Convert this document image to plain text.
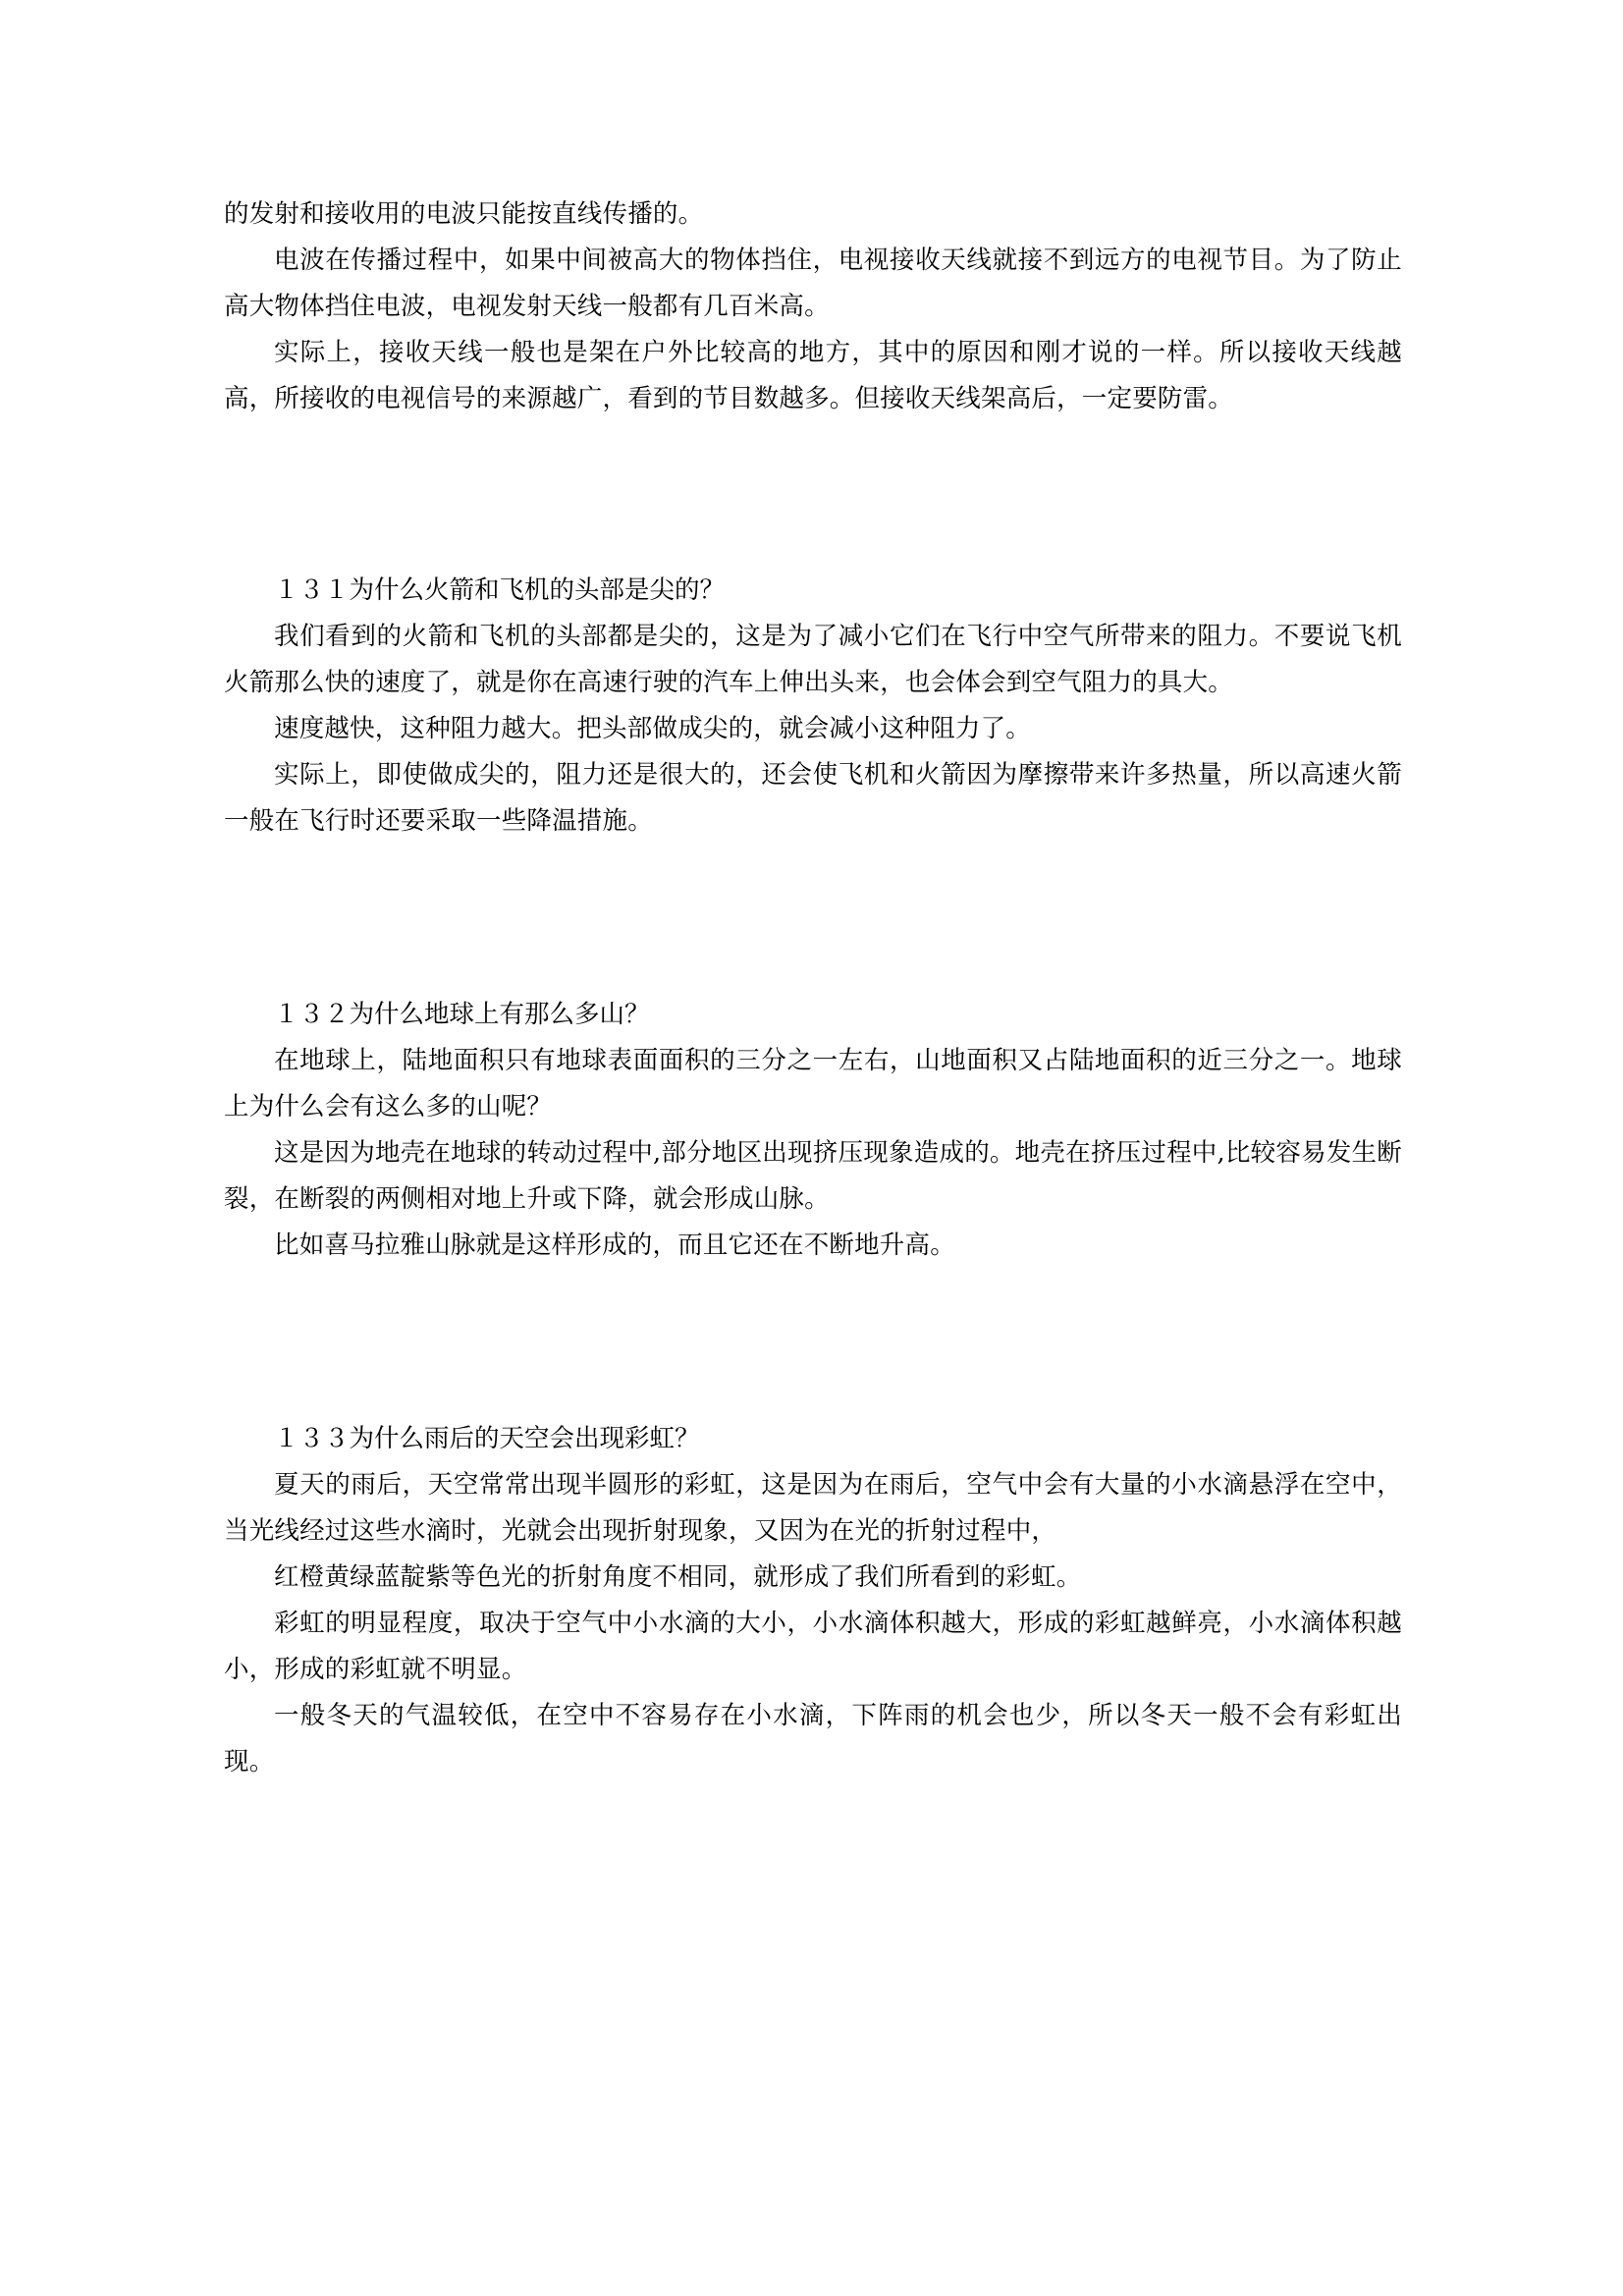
的发射和接收用的电波只能按直线传播的。

电波在传播过程中，如果中间被高大的物体挡住，电视接收天线就接不到远方的电视节目。为了防止高大物体挡住电波，电视发射天线一般都有几百米高。

实际上，接收天线一般也是架在户外比较高的地方，其中的原因和刚才说的一样。所以接收天线越高，所接收的电视信号的来源越广，看到的节目数越多。但接收天线架高后，一定要防雷。

１３１为什么火箭和飞机的头部是尖的？

我们看到的火箭和飞机的头部都是尖的，这是为了减小它们在飞行中空气所带来的阻力。不要说飞机火箭那么快的速度了，就是你在高速行驶的汽车上伸出头来，也会体会到空气阻力的具大。

速度越快，这种阻力越大。把头部做成尖的，就会减小这种阻力了。

实际上，即使做成尖的，阻力还是很大的，还会使飞机和火箭因为摩擦带来许多热量，所以高速火箭一般在飞行时还要采取一些降温措施。

１３２为什么地球上有那么多山？

在地球上，陆地面积只有地球表面面积的三分之一左右，山地面积又占陆地面积的近三分之一。地球上为什么会有这么多的山呢？

这是因为地壳在地球的转动过程中,部分地区出现挤压现象造成的。地壳在挤压过程中,比较容易发生断裂，在断裂的两侧相对地上升或下降，就会形成山脉。

比如喜马拉雅山脉就是这样形成的，而且它还在不断地升高。

１３３为什么雨后的天空会出现彩虹？

夏天的雨后，天空常常出现半圆形的彩虹，这是因为在雨后，空气中会有大量的小水滴悬浮在空中，当光线经过这些水滴时，光就会出现折射现象，又因为在光的折射过程中，

红橙黄绿蓝靛紫等色光的折射角度不相同，就形成了我们所看到的彩虹。

彩虹的明显程度，取决于空气中小水滴的大小，小水滴体积越大，形成的彩虹越鲜亮，小水滴体积越小，形成的彩虹就不明显。

一般冬天的气温较低，在空中不容易存在小水滴，下阵雨的机会也少，所以冬天一般不会有彩虹出现。
